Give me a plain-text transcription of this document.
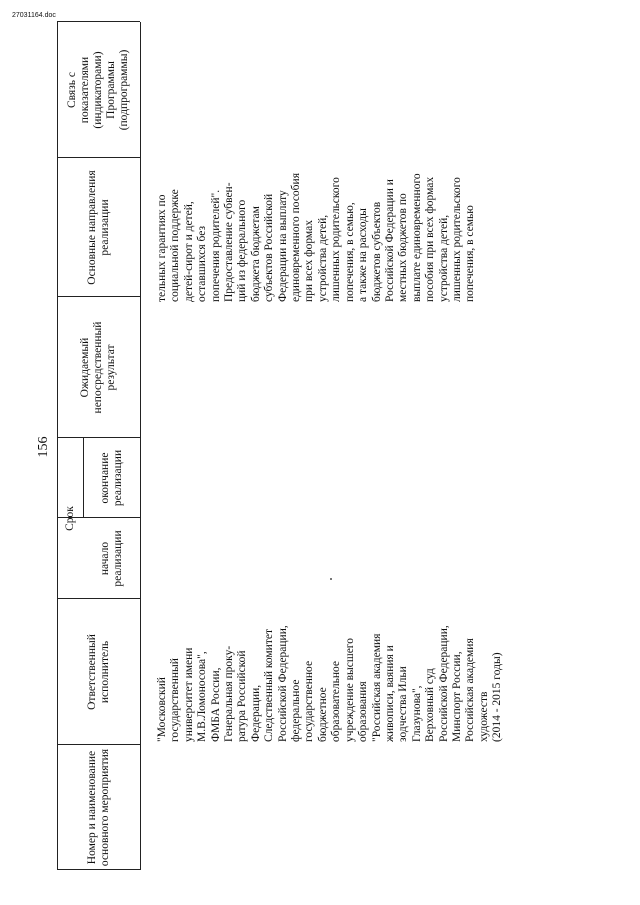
27031164.doc
156
Номер и наименование
основного мероприятия
Ответственный
исполнитель
Срок
начало
реализации
окончание
реализации
Ожидаемый
непосредственный
результат
Основные направления
реализации
Связь с
показателями
(индикаторами)
Программы
(подпрограммы)
"Московский
государственный
университет имени
М.В.Ломоносова",
ФМБА России,
Генеральная проку-
ратура Российской
Федерации,
Следственный комитет
Российской Федерации,
федеральное
государственное
бюджетное
образовательное
учреждение высшего
образования
"Российская академия
живописи, ваяния и
зодчества Ильи
Глазунова",
Верховный суд
Российской Федерации,
Минспорт России,
Российская академия
художеств
(2014 - 2015 годы)
тельных гарантиях по
социальной поддержке
детей-сирот и детей,
оставшихся без
попечения родителей".
Предоставление субвен-
ций из федерального
бюджета бюджетам
субъектов Российской
Федерации на выплату
единовременного пособия
при всех формах
устройства детей,
лишенных родительского
попечения, в семью,
а также на расходы
бюджетов субъектов
Российской Федерации и
местных бюджетов по
выплате единовременного
пособия при всех формах
устройства детей,
лишенных родительского
попечения, в семью
